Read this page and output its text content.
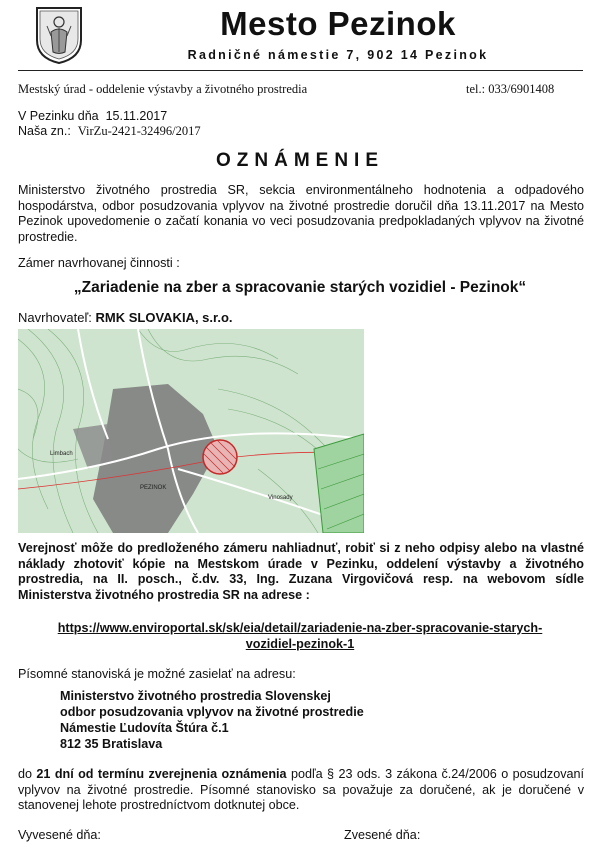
Mesto Pezinok
Radničné námestie 7, 902 14 Pezinok
Mestský úrad - oddelenie výstavby a životného prostredia	tel.: 033/6901408
V Pezinku dňa 15.11.2017
Naša zn.: VirZu-2421-32496/2017
OZNÁMENIE
Ministerstvo životného prostredia SR, sekcia environmentálneho hodnotenia a odpadového hospodárstva, odbor posudzovania vplyvov na životné prostredie doručil dňa 13.11.2017 na Mesto Pezinok upovedomenie o začatí konania vo veci posudzovania predpokladaných vplyvov na životné prostredie.
Zámer navrhovanej činnosti :
„Zariadenie na zber a spracovanie starých vozidiel - Pezinok“
Navrhovateľ: RMK SLOVAKIA, s.r.o.
Limbach
PEZINOK
Vinosady
Verejnosť môže do predloženého zámeru nahliadnuť, robiť si z neho odpisy alebo na vlastné náklady zhotoviť kópie na Mestskom úrade v Pezinku, oddelení výstavby a životného prostredia, na II. posch., č.dv. 33, Ing. Zuzana Virgovičová resp. na webovom sídle Ministerstva životného prostredia SR na adrese :
https://www.enviroportal.sk/sk/eia/detail/zariadenie-na-zber-spracovanie-starych-
vozidiel-pezinok-1
Písomné stanoviská je možné zasielať na adresu:
Ministerstvo životného prostredia Slovenskej
odbor posudzovania vplyvov na životné prostredie
Námestie Ľudovíta Štúra č.1
812 35 Bratislava
do 21 dní od termínu zverejnenia oznámenia podľa § 23 ods. 3 zákona č.24/2006 o posudzovaní vplyvov na životné prostredie. Písomné stanovisko sa považuje za doručené, ak je doručené v stanovenej lehote prostredníctvom dotknutej obce.
Vyvesené dňa:	Zvesené dňa:
